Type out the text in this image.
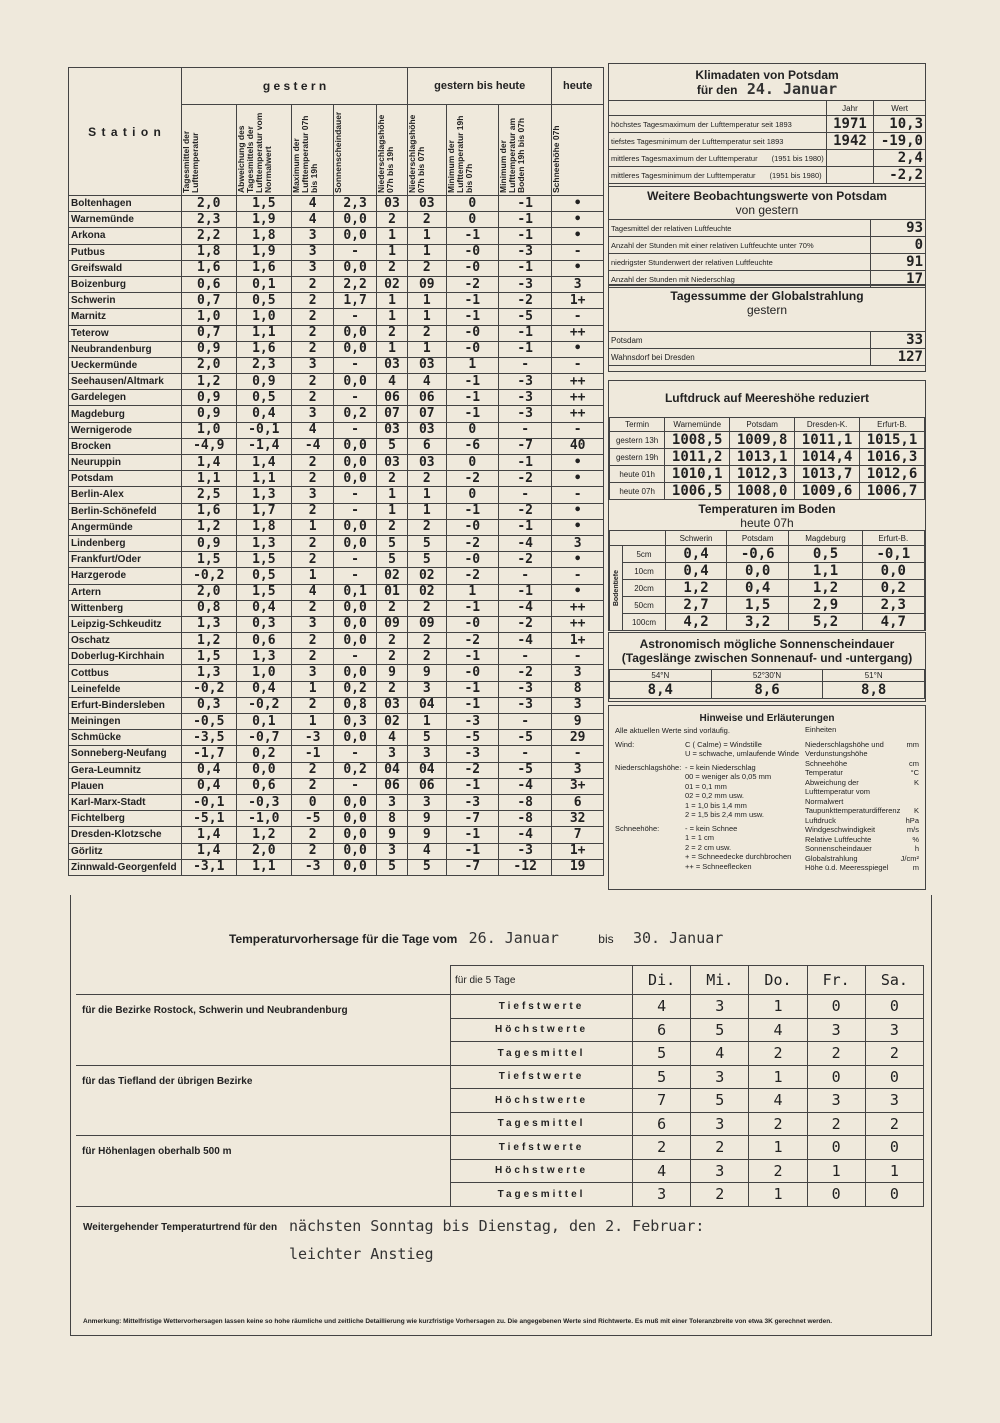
S t a t i o n	g e s t e r n					gestern bis heute			heute

	Tagesmittel der Lufttemperatur	Abweichung des Tagesmittels der Lufttemperatur vom Normalwert	Maximum der Lufttemperatur 07h bis 19h	Sonnenscheindauer	Niederschlagshöhe 07h bis 19h	Niederschlagshöhe 07h bis 07h	Minimum der Lufttemperatur 19h bis 07h	Minimum der Lufttemperatur am Boden 19h bis 07h	Schneehöhe 07h

Boltenhagen	2,0	1,5	4	2,3	03	03	0	-1	•
Warnemünde	2,3	1,9	4	0,0	2	2	0	-1	•
Arkona	2,2	1,8	3	0,0	1	1	-1	-1	•
Putbus	1,8	1,9	3	-	1	1	-0	-3	-
Greifswald	1,6	1,6	3	0,0	2	2	-0	-1	•
Boizenburg	0,6	0,1	2	2,2	02	09	-2	-3	3
Schwerin	0,7	0,5	2	1,7	1	1	-1	-2	1+
Marnitz	1,0	1,0	2	-	1	1	-1	-5	-
Teterow	0,7	1,1	2	0,0	2	2	-0	-1	++
Neubrandenburg	0,9	1,6	2	0,0	1	1	-0	-1	•
Ueckermünde	2,0	2,3	3	-	03	03	1	-	-
Seehausen/Altmark	1,2	0,9	2	0,0	4	4	-1	-3	++
Gardelegen	0,9	0,5	2	-	06	06	-1	-3	++
Magdeburg	0,9	0,4	3	0,2	07	07	-1	-3	++
Wernigerode	1,0	-0,1	4	-	03	03	0	-	-
Brocken	-4,9	-1,4	-4	0,0	5	6	-6	-7	40
Neuruppin	1,4	1,4	2	0,0	03	03	0	-1	•
Potsdam	1,1	1,1	2	0,0	2	2	-2	-2	•
Berlin-Alex	2,5	1,3	3	-	1	1	0	-	-
Berlin-Schönefeld	1,6	1,7	2	-	1	1	-1	-2	•
Angermünde	1,2	1,8	1	0,0	2	2	-0	-1	•
Lindenberg	0,9	1,3	2	0,0	5	5	-2	-4	3
Frankfurt/Oder	1,5	1,5	2	-	5	5	-0	-2	•
Harzgerode	-0,2	0,5	1	-	02	02	-2	-	-
Artern	2,0	1,5	4	0,1	01	02	1	-1	•
Wittenberg	0,8	0,4	2	0,0	2	2	-1	-4	++
Leipzig-Schkeuditz	1,3	0,3	3	0,0	09	09	-0	-2	++
Oschatz	1,2	0,6	2	0,0	2	2	-2	-4	1+
Doberlug-Kirchhain	1,5	1,3	2	-	2	2	-1	-	-
Cottbus	1,3	1,0	3	0,0	9	9	-0	-2	3
Leinefelde	-0,2	0,4	1	0,2	2	3	-1	-3	8
Erfurt-Bindersleben	0,3	-0,2	2	0,8	03	04	-1	-3	3
Meiningen	-0,5	0,1	1	0,3	02	1	-3	-	9
Schmücke	-3,5	-0,7	-3	0,0	4	5	-5	-5	29
Sonneberg-Neufang	-1,7	0,2	-1	-	3	3	-3	-	-
Gera-Leumnitz	0,4	0,0	2	0,2	04	04	-2	-5	3
Plauen	0,4	0,6	2	-	06	06	-1	-4	3+
Karl-Marx-Stadt	-0,1	-0,3	0	0,0	3	3	-3	-8	6
Fichtelberg	-5,1	-1,0	-5	0,0	8	9	-7	-8	32
Dresden-Klotzsche	1,4	1,2	2	0,0	9	9	-1	-4	7
Görlitz	1,4	2,0	2	0,0	3	4	-1	-3	1+
Zinnwald-Georgenfeld	-3,1	1,1	-3	0,0	5	5	-7	-12	19
Klimadaten von Potsdam
für den 24. Januar
	Jahr	Wert
höchstes Tagesmaximum der Lufttemperatur seit 1893	1971	10,3
tiefstes Tagesminimum der Lufttemperatur seit 1893	1942	-19,0
mittleres Tagesmaximum der Lufttemperatur (1951 bis 1980)		2,4
mittleres Tagesminimum der Lufttemperatur (1951 bis 1980)		-2,2
Weitere Beobachtungswerte von Potsdam
von gestern
Tagesmittel der relativen Luftfeuchte	93
Anzahl der Stunden mit einer relativen Luftfeuchte unter 70%	0
niedrigster Stundenwert der relativen Luftfeuchte	91
Anzahl der Stunden mit Niederschlag	17
Tagessumme der Globalstrahlung
gestern
Potsdam	33
Wahnsdorf bei Dresden	127
Luftdruck auf Meereshöhe reduziert
Termin	Warnemünde	Potsdam	Dresden-K.	Erfurt-B.
gestern 13h	1008,5	1009,8	1011,1	1015,1
gestern 19h	1011,2	1013,1	1014,4	1016,3
heute 01h	1010,1	1012,3	1013,7	1012,6
heute 07h	1006,5	1008,0	1009,6	1006,7
Temperaturen im Boden
heute 07h
		Schwerin	Potsdam	Magdeburg	Erfurt-B.

Bodentiefe	5cm	0,4	-0,6	0,5	-0,1
	10cm	0,4	0,0	1,1	0,0
	20cm	1,2	0,4	1,2	0,2
	50cm	2,7	1,5	2,9	2,3
	100cm	4,2	3,2	5,2	4,7
Astronomisch mögliche Sonnenscheindauer
(Tageslänge zwischen Sonnenauf- und -untergang)
54°N	52°30'N	51°N
8,4	8,6	8,8
Hinweise und Erläuterungen
Alle aktuellen Werte sind vorläufig.
Wind:	C ( Calme) = Windstille
U = schwache, umlaufende Winde
Niederschlagshöhe: - = kein Niederschlag
00 = weniger als 0,05 mm
01 = 0,1 mm
02 = 0,2 mm usw.
1 = 1,0 bis 1,4 mm
2 = 1,5 bis 2,4 mm usw.
Schneehöhe:	- = kein Schnee
1 = 1 cm
2 = 2 cm usw.
+ = Schneedecke durchbrochen
++ = Schneeflecken
Einheiten
Niederschlagshöhe und Verdunstungshöhe
mm
Schneehöhe	cm
Temperatur	°C
Abweichung der Lufttemperatur vom Normalwert
K
Taupunkttemperaturdifferenz K
Luftdruck	hPa
Windgeschwindigkeit	m/s
Relative Luftfeuchte	%
Sonnenscheindauer	h
Globalstrahlung	J/cm²
Höhe ü.d. Meeresspiegel	m
Temperaturvorhersage für die Tage vom 26. Januar	bis 30. Januar
	für die 5 Tage	Di.	Mi.	Do.	Fr.	Sa.
für die Bezirke Rostock, Schwerin und Neubrandenburg	Tiefstwerte	4	3	1	0	0
	Höchstwerte	6	5	4	3	3
	Tagesmittel	5	4	2	2	2
für das Tiefland der übrigen Bezirke	Tiefstwerte	5	3	1	0	0
	Höchstwerte	7	5	4	3	3
	Tagesmittel	6	3	2	2	2
für Höhenlagen oberhalb 500 m	Tiefstwerte	2	2	1	0	0
	Höchstwerte	4	3	2	1	1
	Tagesmittel	3	2	1	0	0
Weitergehender Temperaturtrend für den nächsten Sonntag bis Dienstag, den 2. Februar:
leichter Anstieg
Anmerkung: Mittelfristige Wettervorhersagen lassen keine so hohe räumliche und zeitliche Detaillierung wie kurzfristige Vorhersagen zu. Die angegebenen Werte sind Richtwerte. Es muß mit einer Toleranzbreite von etwa 3K gerechnet werden.
